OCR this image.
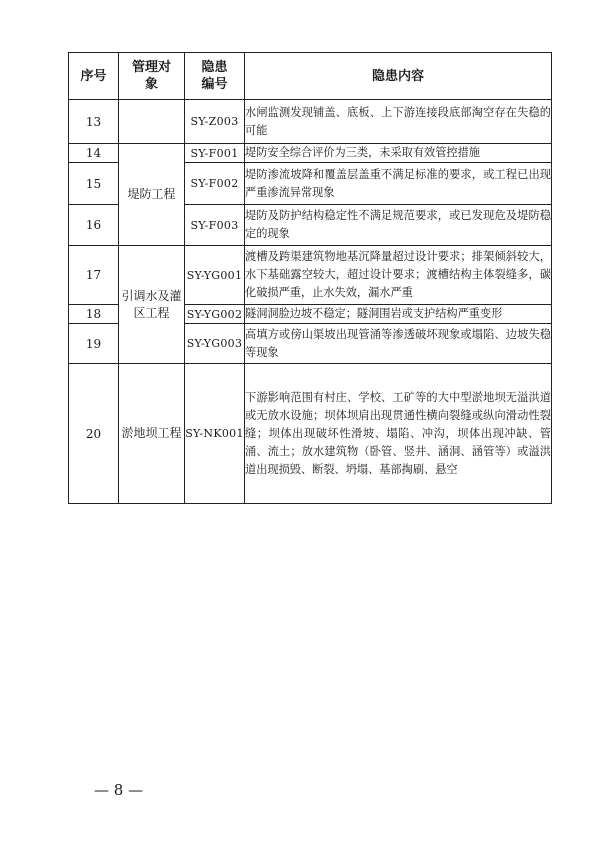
序号	管理对象	隐患编号	隐患内容
13		SY-Z003	水闸监测发现铺盖、底板、上下游连接段底部淘空存在失稳的可能
14	堤防工程	SY-F001	堤防安全综合评价为三类，未采取有效管控措施
15		SY-F002	堤防渗流坡降和覆盖层盖重不满足标准的要求，或工程已出现严重渗流异常现象
16		SY-F003	堤防及防护结构稳定性不满足规范要求，或已发现危及堤防稳定的现象
17	引调水及灌区工程	SY-YG001	渡槽及跨渠建筑物地基沉降量超过设计要求；排架倾斜较大，水下基础露空较大，超过设计要求；渡槽结构主体裂缝多，碳化破损严重，止水失效，漏水严重
18		SY-YG002	隧洞洞脸边坡不稳定；隧洞围岩或支护结构严重变形
19		SY-YG003	高填方或傍山渠坡出现管涌等渗透破坏现象或塌陷、边坡失稳等现象
20	淤地坝工程	SY-NK001	下游影响范围有村庄、学校、工矿等的大中型淤地坝无溢洪道或无放水设施；坝体坝肩出现贯通性横向裂缝或纵向滑动性裂缝；坝体出现破坏性滑坡、塌陷、冲沟，坝体出现冲缺、管涌、流土；放水建筑物（卧管、竖井、涵洞、涵管等）或溢洪道出现损毁、断裂、坍塌、基部掏刷、悬空
— 8 —
